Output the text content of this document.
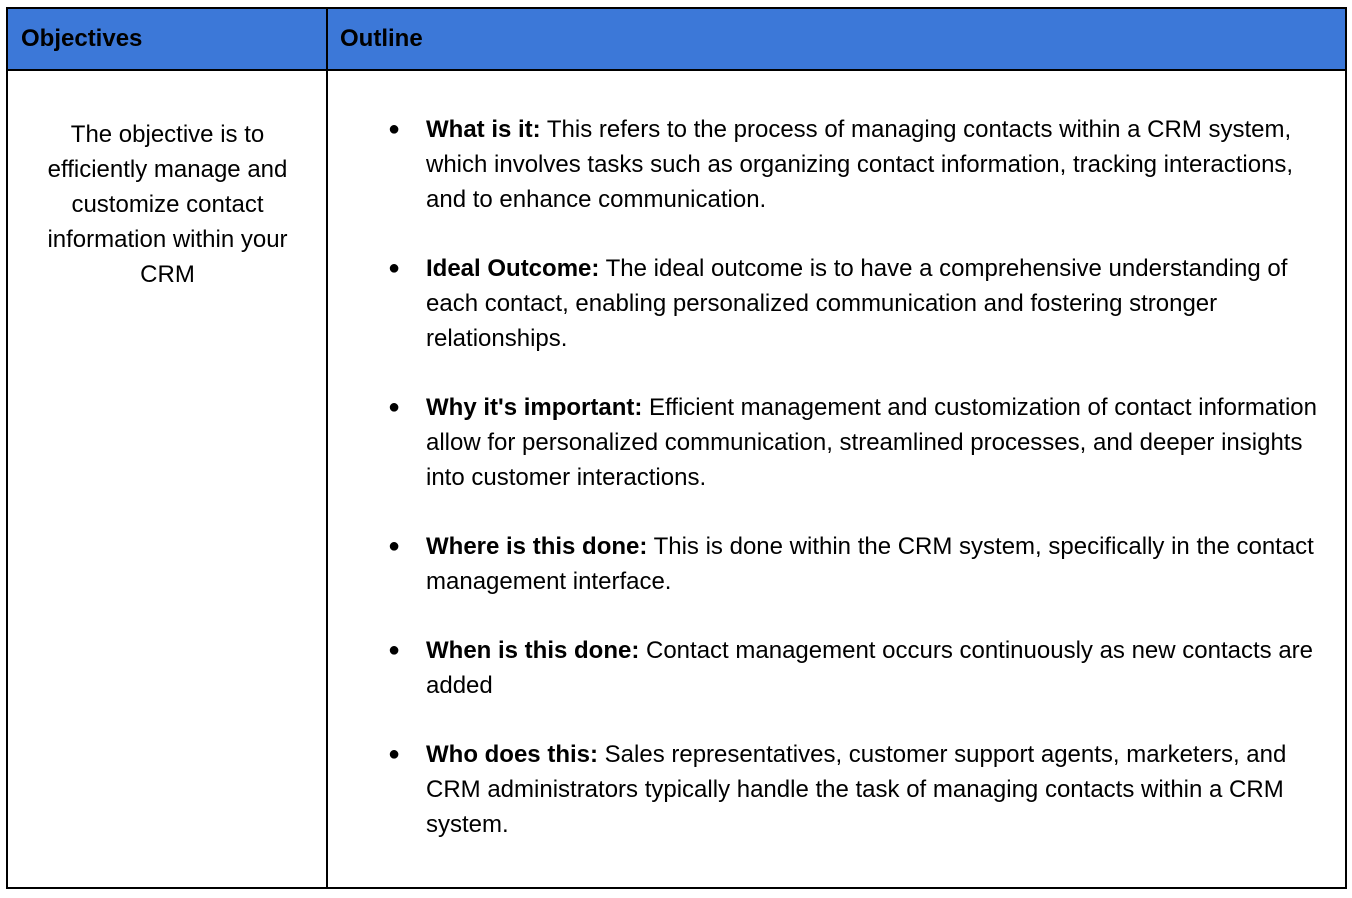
Objectives	Outline
The objective is to efficiently manage and customize contact information within your CRM
● What is it: This refers to the process of managing contacts within a CRM system, which involves tasks such as organizing contact information, tracking interactions, and to enhance communication.
● Ideal Outcome: The ideal outcome is to have a comprehensive understanding of each contact, enabling personalized communication and fostering stronger relationships.
● Why it's important: Efficient management and customization of contact information allow for personalized communication, streamlined processes, and deeper insights into customer interactions.
● Where is this done: This is done within the CRM system, specifically in the contact management interface.
● When is this done: Contact management occurs continuously as new contacts are added
● Who does this: Sales representatives, customer support agents, marketers, and CRM administrators typically handle the task of managing contacts within a CRM system.
